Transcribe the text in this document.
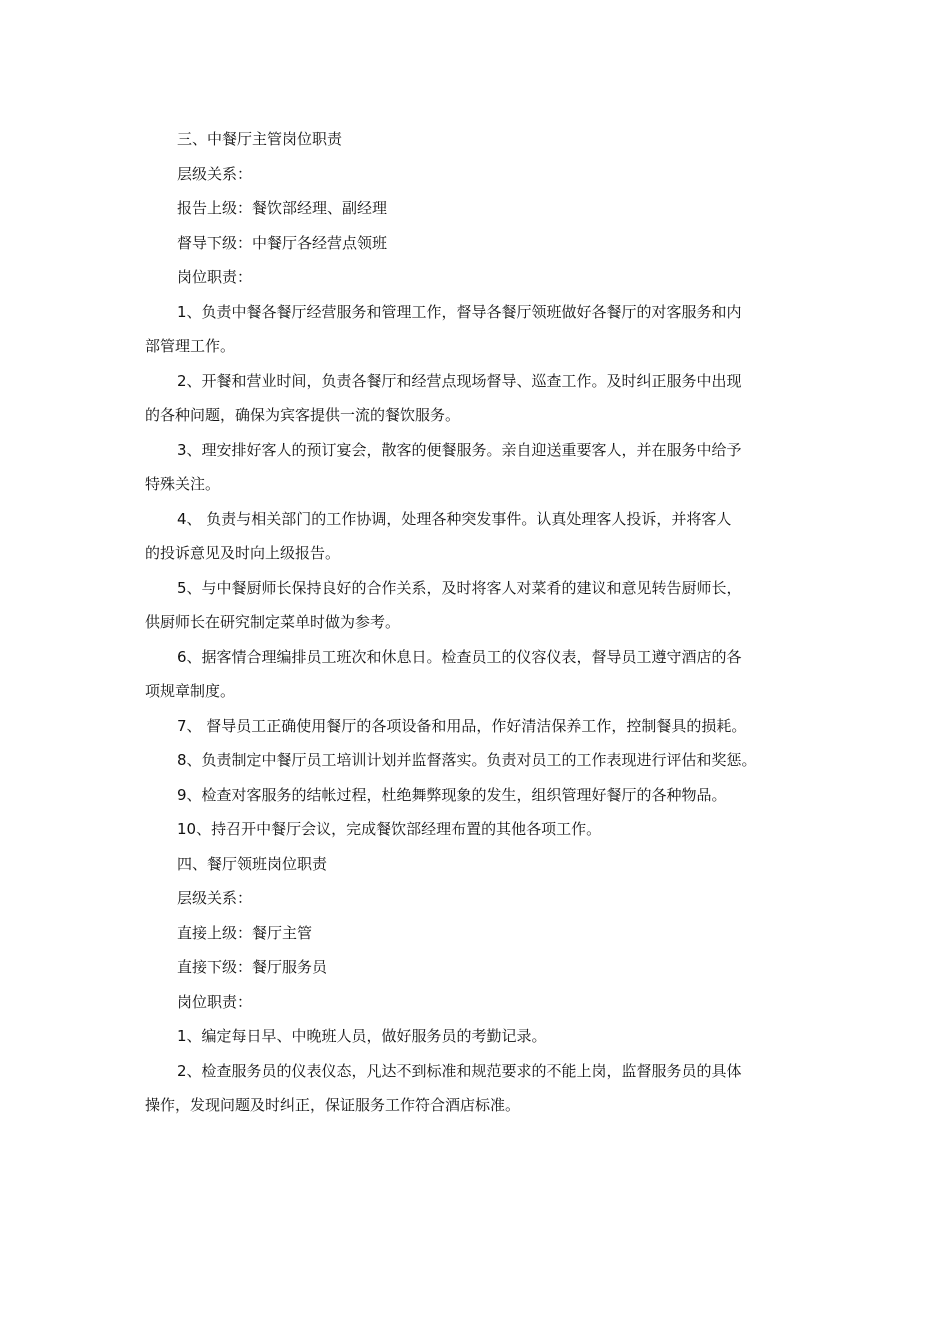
三、中餐厅主管岗位职责
层级关系：
报告上级：餐饮部经理、副经理
督导下级：中餐厅各经营点领班
岗位职责：
1、负责中餐各餐厅经营服务和管理工作，督导各餐厅领班做好各餐厅的对客服务和内
部管理工作。
2、开餐和营业时间，负责各餐厅和经营点现场督导、巡查工作。及时纠正服务中出现
的各种问题，确保为宾客提供一流的餐饮服务。
3、理安排好客人的预订宴会，散客的便餐服务。亲自迎送重要客人，并在服务中给予
特殊关注。
4、 负责与相关部门的工作协调，处理各种突发事件。认真处理客人投诉，并将客人
的投诉意见及时向上级报告。
5、与中餐厨师长保持良好的合作关系，及时将客人对菜肴的建议和意见转告厨师长，
供厨师长在研究制定菜单时做为参考。
6、据客情合理编排员工班次和休息日。检查员工的仪容仪表，督导员工遵守酒店的各
项规章制度。
7、 督导员工正确使用餐厅的各项设备和用品，作好清洁保养工作，控制餐具的损耗。
8、负责制定中餐厅员工培训计划并监督落实。负责对员工的工作表现进行评估和奖惩。
9、检查对客服务的结帐过程，杜绝舞弊现象的发生，组织管理好餐厅的各种物品。
10、持召开中餐厅会议，完成餐饮部经理布置的其他各项工作。
四、餐厅领班岗位职责
层级关系：
直接上级：餐厅主管
直接下级：餐厅服务员
岗位职责：
1、编定每日早、中晚班人员，做好服务员的考勤记录。
2、检查服务员的仪表仪态，凡达不到标准和规范要求的不能上岗，监督服务员的具体
操作，发现问题及时纠正，保证服务工作符合酒店标准。
